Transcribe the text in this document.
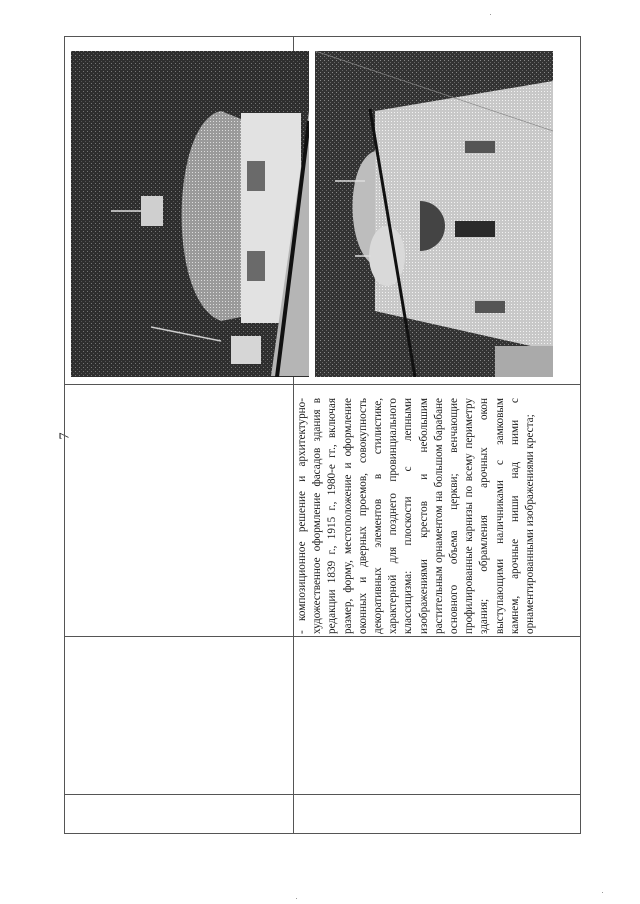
7	- композиционное решение и архитектурно-художественное оформление фасадов здания в редакции 1839 г., 1915 г., 1980-е гг., включая размер, форму, местоположение и оформление оконных и дверных проемов, совокупность декоративных элементов в стилистике, характерной для позднего провинциального классицизма: плоскости с лепными изображениями крестов и небольшим растительным орнаментом на большом барабане основного объема церкви; венчающие профилированные карнизы по всему периметру здания; обрамления арочных окон выступающими наличниками с замковым камнем, арочные ниши над ними с орнаментированными изображениями креста;
